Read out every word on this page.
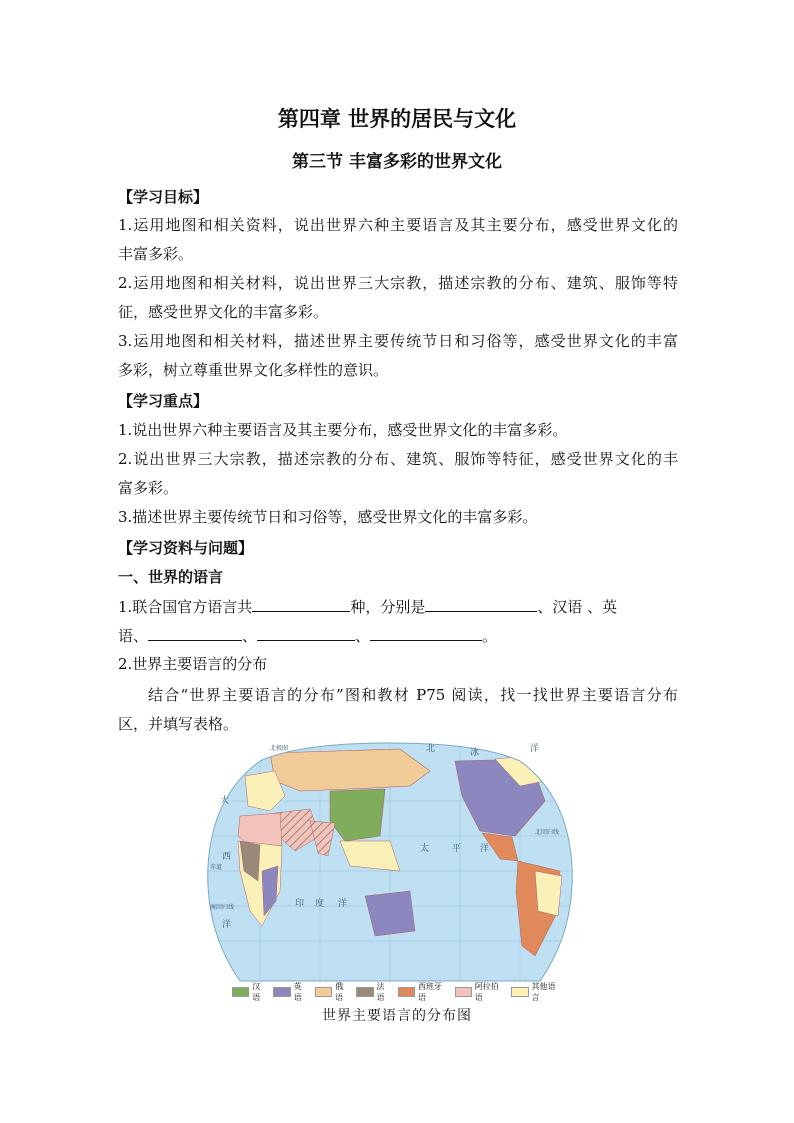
第四章 世界的居民与文化
第三节 丰富多彩的世界文化
【学习目标】
1.运用地图和相关资料，说出世界六种主要语言及其主要分布，感受世界文化的
丰富多彩。
2.运用地图和相关材料，说出世界三大宗教，描述宗教的分布、建筑、服饰等特
征，感受世界文化的丰富多彩。
3.运用地图和相关材料，描述世界主要传统节日和习俗等，感受世界文化的丰富
多彩，树立尊重世界文化多样性的意识。
【学习重点】
1.说出世界六种主要语言及其主要分布，感受世界文化的丰富多彩。
2.说出世界三大宗教，描述宗教的分布、建筑、服饰等特征，感受世界文化的丰
富多彩。
3.描述世界主要传统节日和习俗等，感受世界文化的丰富多彩。
【学习资料与问题】
一、世界的语言
1.联合国官方语言共	种，分别是	、汉语 、英
语、	、	、	。
2.世界主要语言的分布
结合“世界主要语言的分布”图和教材 P75 阅读，找一找世界主要语言分布
区，并填写表格。
北	冰	洋
大
西
洋
太	平 洋
印 度 洋
北极圈
北回归线
赤道
南回归线
汉语
英语
俄语
法语
西班牙语
阿拉伯语
其他语言
世界主要语言的分布图
